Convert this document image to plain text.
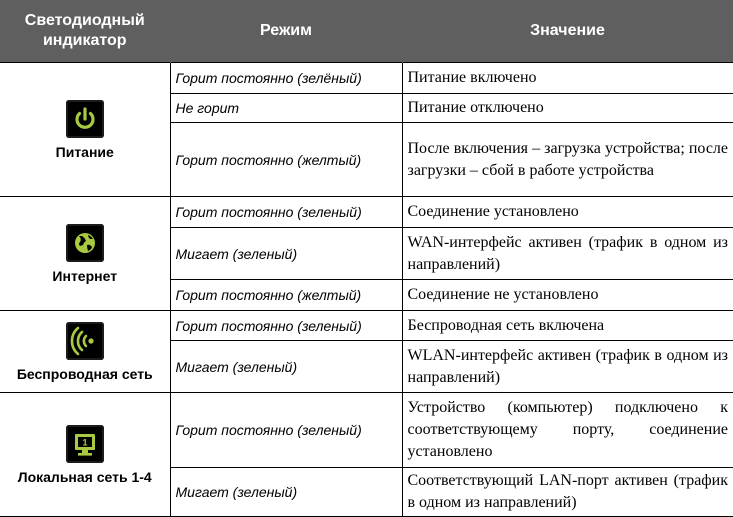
Светодиодный индикатор	Режим	Значение

Питание	Горит постоянно (зелёный)	Питание включено
	Не горит	Питание отключено
	Горит постоянно (желтый)	После включения – загрузка устройства; после загрузки – сбой в работе устройства

Интернет	Горит постоянно (зеленый)	Соединение установлено
	Мигает (зеленый)	WAN-интерфейс активен (трафик в одном из направлений)
	Горит постоянно (желтый)	Соединение не установлено

Беспроводная сеть	Горит постоянно (зеленый)	Беспроводная сеть включена
	Мигает (зеленый)	WLAN-интерфейс активен (трафик в одном из направлений)

1
Локальная сеть 1-4	Горит постоянно (зеленый)	Устройство (компьютер) подключено к соответствующему порту, соединение установлено
	Мигает (зеленый)	Соответствующий LAN-порт активен (трафик в одном из направлений)
